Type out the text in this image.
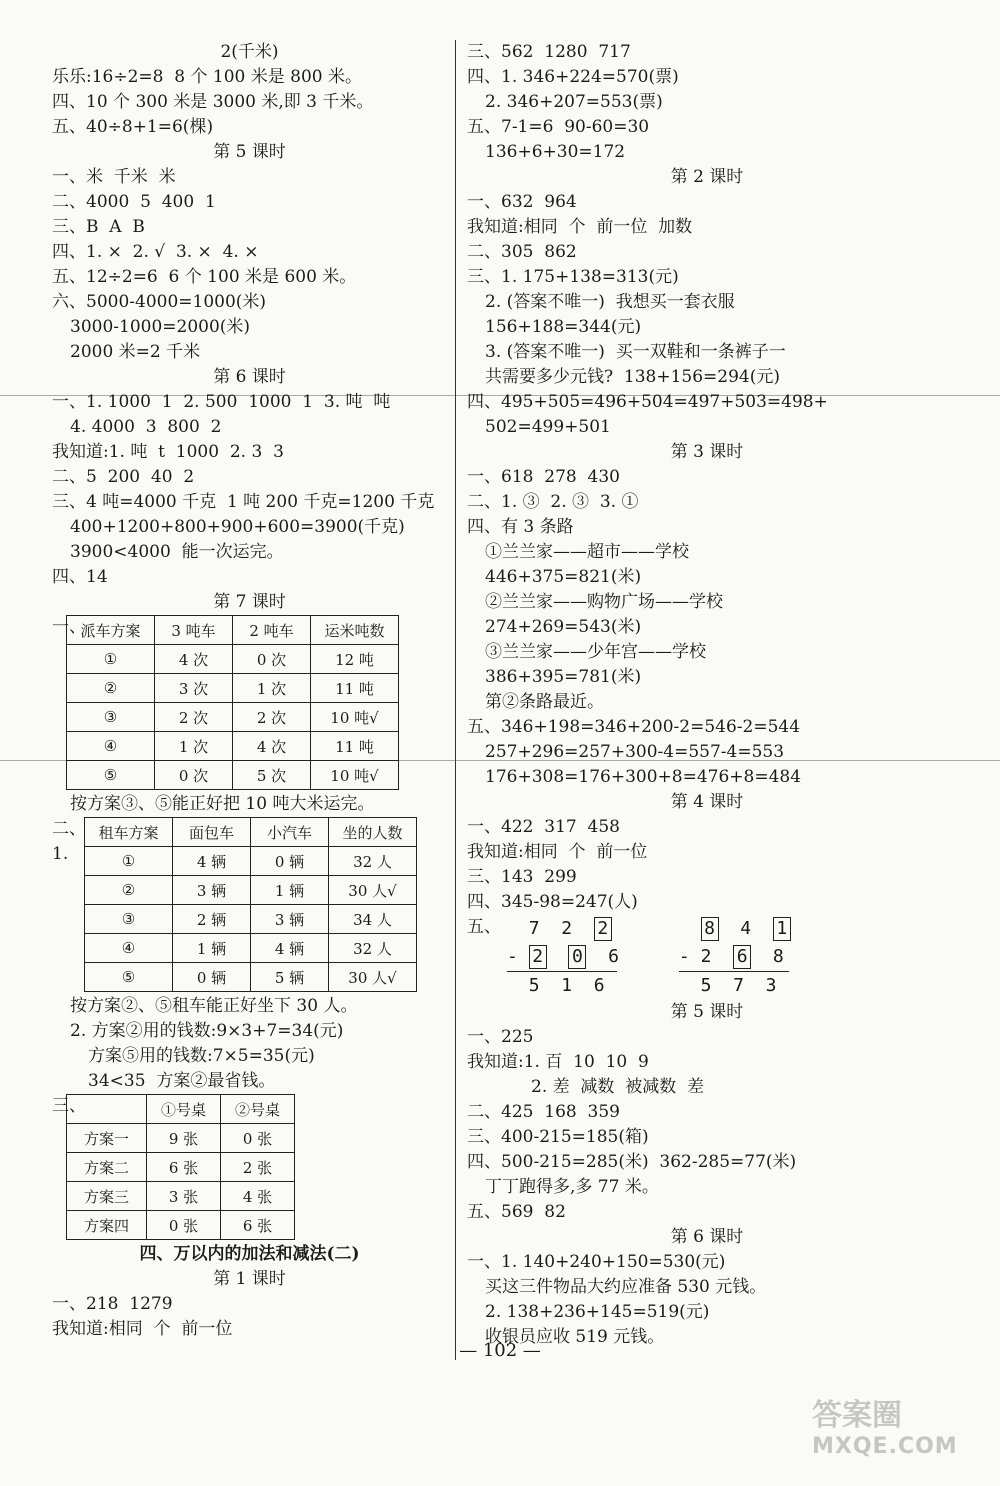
2(千米)
乐乐:16÷2=8  8 个 100 米是 800 米。
四、10 个 300 米是 3000 米,即 3 千米。
五、40÷8+1=6(棵)
第 5 课时
一、米  千米  米
二、4000  5  400  1
三、B  A  B
四、1. ×  2. √  3. ×  4. ×
五、12÷2=6  6 个 100 米是 600 米。
六、5000-4000=1000(米)
3000-1000=2000(米)
2000 米=2 千米
第 6 课时
一、1. 1000  1  2. 500  1000  1  3. 吨  吨
4. 4000  3  800  2
我知道:1. 吨  t  1000  2. 3  3
二、5  200  40  2
三、4 吨=4000 千克  1 吨 200 千克=1200 千克
400+1200+800+900+600=3900(千克)
3900<4000  能一次运完。
四、14
第 7 课时
一、
派车方案	3 吨车	2 吨车	运米吨数
①	4 次	0 次	12 吨
②	3 次	1 次	11 吨
③	2 次	2 次	10 吨√
④	1 次	4 次	11 吨
⑤	0 次	5 次	10 吨√
按方案③、⑤能正好把 10 吨大米运完。
二、1.
租车方案	面包车	小汽车	坐的人数
①	4 辆	0 辆	32 人
②	3 辆	1 辆	30 人√
③	2 辆	3 辆	34 人
④	1 辆	4 辆	32 人
⑤	0 辆	5 辆	30 人√
按方案②、⑤租车能正好坐下 30 人。
2. 方案②用的钱数:9×3+7=34(元)
方案⑤用的钱数:7×5=35(元)
34<35  方案②最省钱。
三、
		①号桌	②号桌
方案一	9 张	0 张
方案二	6 张	2 张
方案三	3 张	4 张
方案四	0 张	6 张
四、万以内的加法和减法(二)
第 1 课时
一、218  1279
我知道:相同  个  前一位
三、562  1280  717
四、1. 346+224=570(票)
2. 346+207=553(票)
五、7-1=6  90-60=30
136+6+30=172
第 2 课时
一、632  964
我知道:相同  个  前一位  加数
二、305  862
三、1. 175+138=313(元)
2. (答案不唯一)  我想买一套衣服
156+188=344(元)
3. (答案不唯一)  买一双鞋和一条裤子一
共需要多少元钱?  138+156=294(元)
四、495+505=496+504=497+503=498+
502=499+501
第 3 课时
一、618  278  430
二、1. ③  2. ③  3. ①
四、有 3 条路
①兰兰家——超市——学校
446+375=821(米)
②兰兰家——购物广场——学校
274+269=543(米)
③兰兰家——少年宫——学校
386+395=781(米)
第②条路最近。
五、346+198=346+200-2=546-2=544
257+296=257+300-4=557-4=553
176+308=176+300+8=476+8=484
第 4 课时
一、422  317  458
我知道:相同  个  前一位
三、143  299
四、345-98=247(人)
五、	7 2 2
- 2 0 6
5 1 6
8 4 1
- 2 6 8
5 7 3
第 5 课时
一、225
我知道:1. 百  10  10  9
2. 差  减数  被减数  差
二、425  168  359
三、400-215=185(箱)
四、500-215=285(米)  362-285=77(米)
丁丁跑得多,多 77 米。
五、569  82
第 6 课时
一、1. 140+240+150=530(元)
买这三件物品大约应准备 530 元钱。
2. 138+236+145=519(元)
收银员应收 519 元钱。
— 102 —
答案圈
MXQE.COM
